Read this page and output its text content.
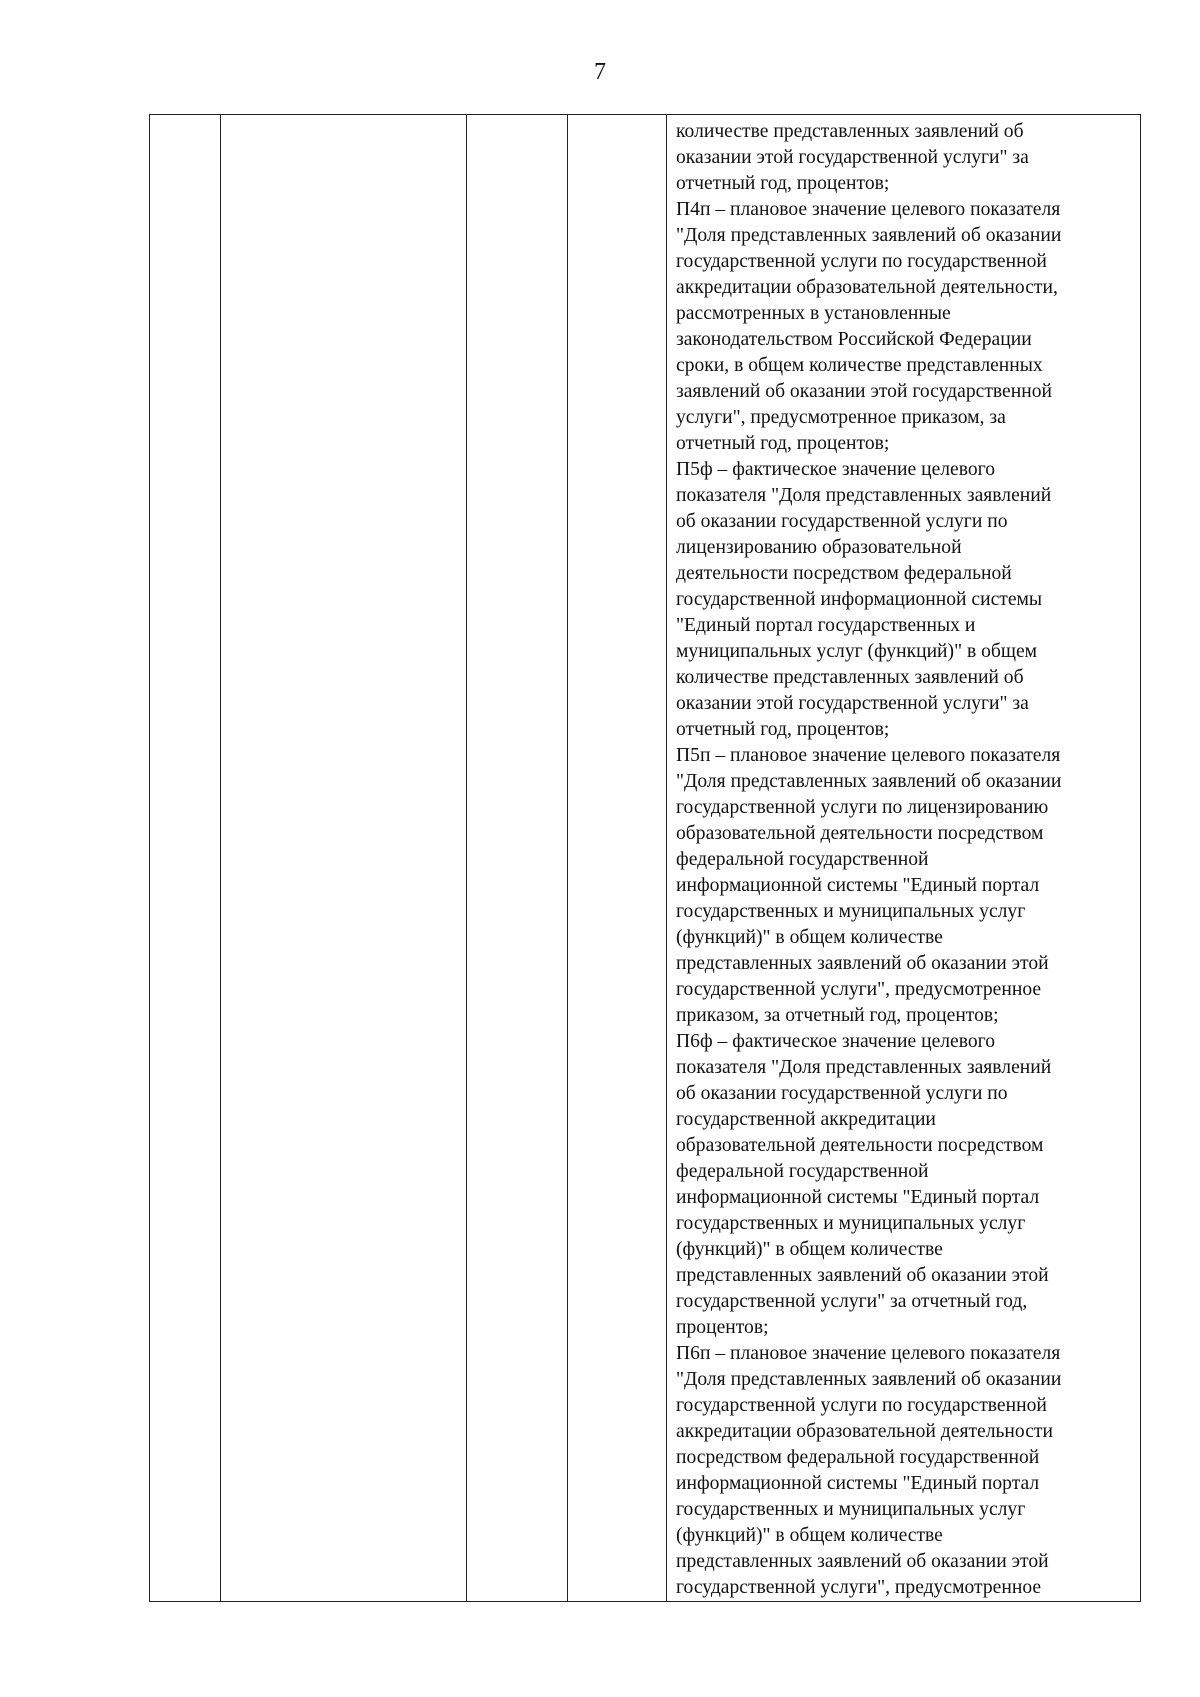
7

количестве представленных заявлений об
оказании этой государственной услуги" за
отчетный год, процентов;
П4п – плановое значение целевого показателя
"Доля представленных заявлений об оказании
государственной услуги по государственной
аккредитации образовательной деятельности,
рассмотренных в установленные
законодательством Российской Федерации
сроки, в общем количестве представленных
заявлений об оказании этой государственной
услуги", предусмотренное приказом, за
отчетный год, процентов;
П5ф – фактическое значение целевого
показателя "Доля представленных заявлений
об оказании государственной услуги по
лицензированию образовательной
деятельности посредством федеральной
государственной информационной системы
"Единый портал государственных и
муниципальных услуг (функций)" в общем
количестве представленных заявлений об
оказании этой государственной услуги" за
отчетный год, процентов;
П5п – плановое значение целевого показателя
"Доля представленных заявлений об оказании
государственной услуги по лицензированию
образовательной деятельности посредством
федеральной государственной
информационной системы "Единый портал
государственных и муниципальных услуг
(функций)" в общем количестве
представленных заявлений об оказании этой
государственной услуги", предусмотренное
приказом, за отчетный год, процентов;
П6ф – фактическое значение целевого
показателя "Доля представленных заявлений
об оказании государственной услуги по
государственной аккредитации
образовательной деятельности посредством
федеральной государственной
информационной системы "Единый портал
государственных и муниципальных услуг
(функций)" в общем количестве
представленных заявлений об оказании этой
государственной услуги" за отчетный год,
процентов;
П6п – плановое значение целевого показателя
"Доля представленных заявлений об оказании
государственной услуги по государственной
аккредитации образовательной деятельности
посредством федеральной государственной
информационной системы "Единый портал
государственных и муниципальных услуг
(функций)" в общем количестве
представленных заявлений об оказании этой
государственной услуги", предусмотренное
